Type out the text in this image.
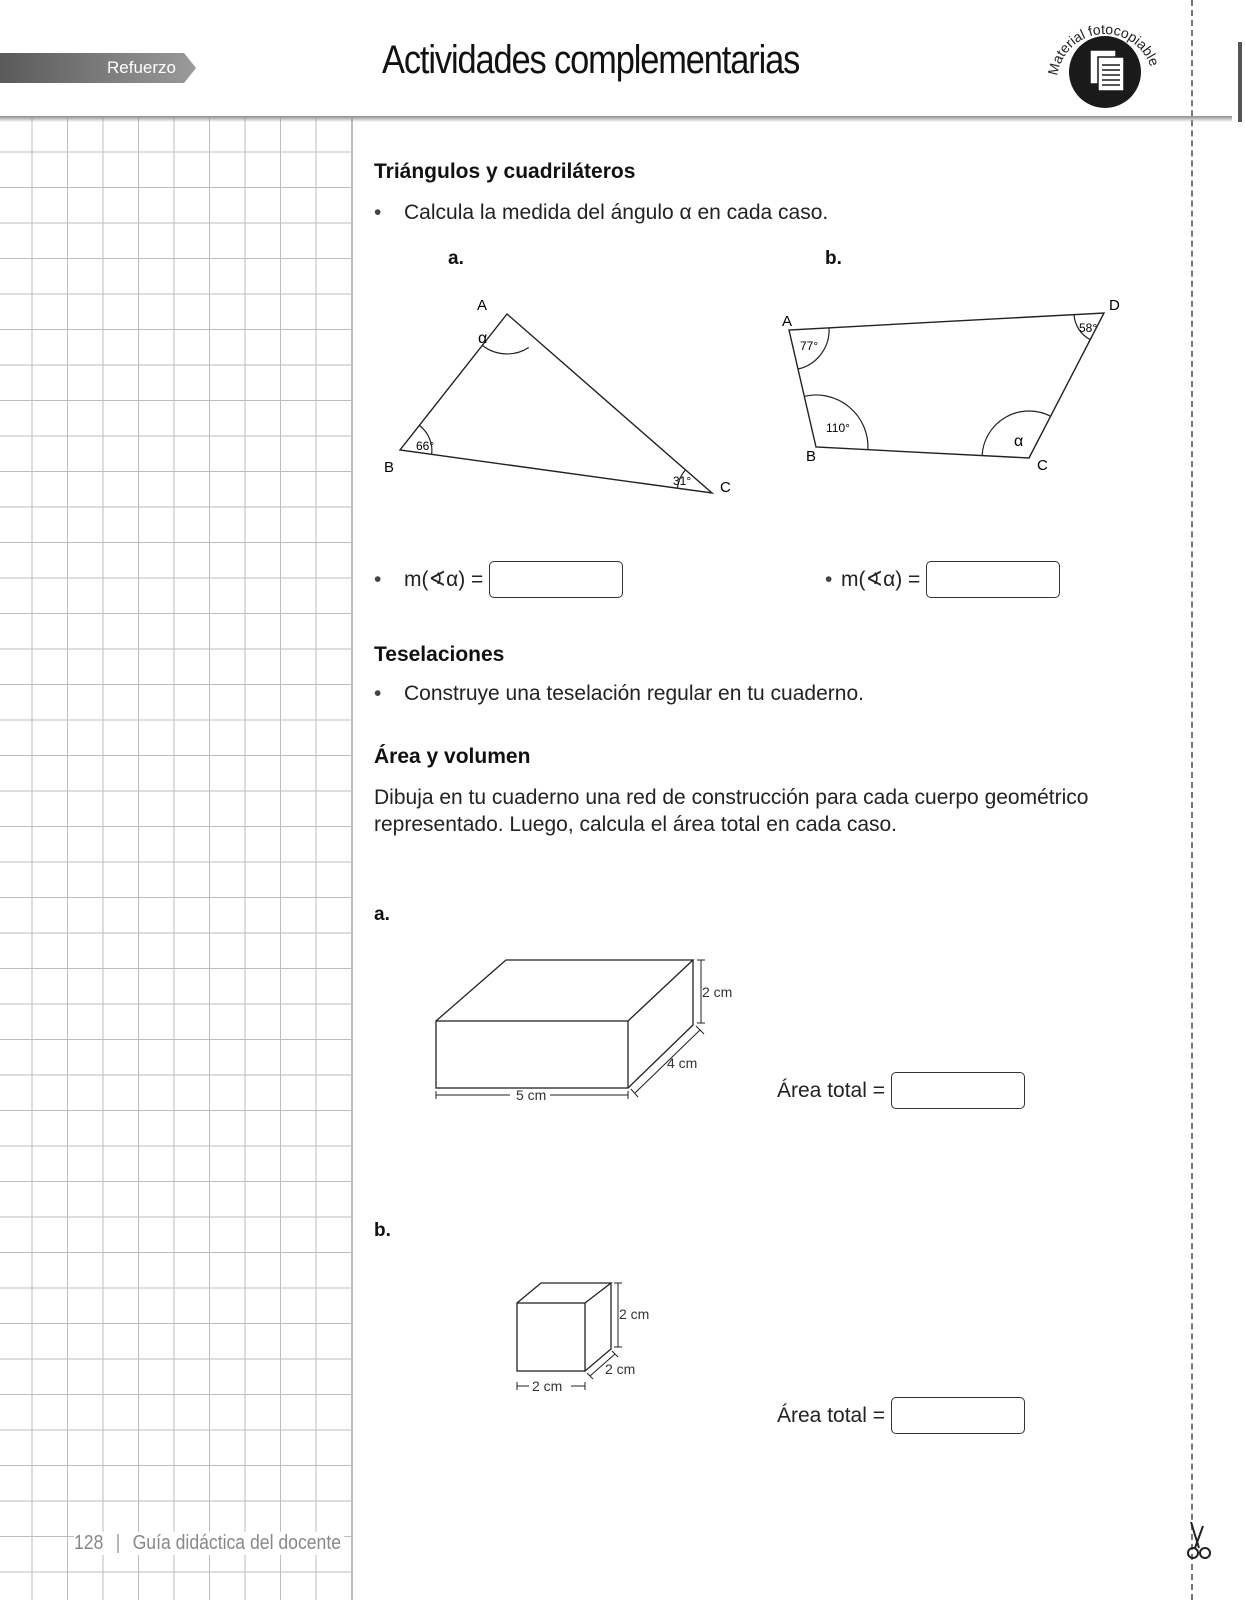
Refuerzo	Actividades complementarias	Material fotocopiable
Triángulos y cuadriláteros
• Calcula la medida del ángulo α en cada caso.
a.	b.
A
B
C
α
66°
31°
A
B
C
D
77°
110°
α
58°
•	m(∢α) =	• m(∢α) =
Teselaciones
• Construye una teselación regular en tu cuaderno.
Área y volumen
Dibuja en tu cuaderno una red de construcción para cada cuerpo geométrico representado. Luego, calcula el área total en cada caso.
a.
2 cm
4 cm
5 cm	Área total =
b.
2 cm
2 cm
2 cm
Área total =
128 | Guía didáctica del docente
